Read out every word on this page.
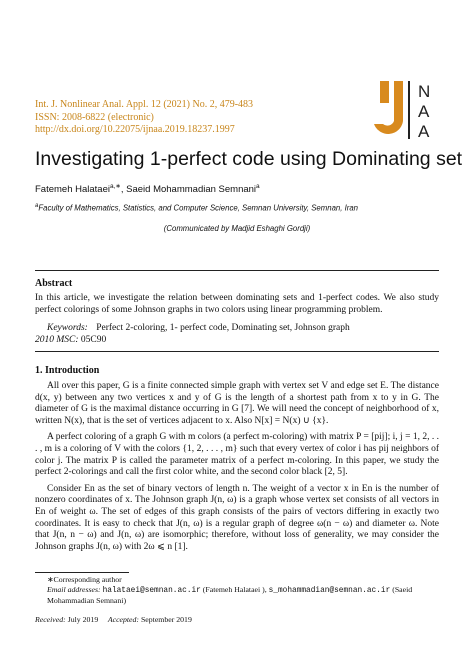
Int. J. Nonlinear Anal. Appl. 12 (2021) No. 2, 479-483
ISSN: 2008-6822 (electronic)
http://dx.doi.org/10.22075/ijnaa.2019.18237.1997
N
A
A
Investigating 1-perfect code using Dominating set
Fatemeh Halataei$^{a,∗}$, Saeid Mohammadian Semnani$^a$
$^a$Faculty of Mathematics, Statistics, and Computer Science, Semnan University, Semnan, Iran
(Communicated by Madjid Eshaghi Gordji)
Abstract
In this article, we investigate the relation between dominating sets and 1-perfect codes. We also study perfect colorings of some Johnson graphs in two colors using linear programming problem.
Keywords: Perfect 2-coloring, 1- perfect code, Dominating set, Johnson graph
2010 MSC: 05C90
1. Introduction

All over this paper, G is a finite connected simple graph with vertex set V and edge set E. The distance d(x, y) between any two vertices x and y of G is the length of a shortest path from x to y in G. The diameter of G is the maximal distance occurring in G [7]. We will need the concept of neighborhood of x, written N(x), that is the set of vertices adjacent to x. Also N[x] = N(x) ∪ {x}.

A perfect coloring of a graph G with m colors (a perfect m-coloring) with matrix P = [pij]; i, j = 1, 2, . . . , m is a coloring of V with the colors {1, 2, . . . , m} such that every vertex of color i has pij neighbors of color j. The matrix P is called the parameter matrix of a perfect m-coloring. In this paper, we study the perfect 2-colorings and call the first color white, and the second color black [2, 5].

Consider En as the set of binary vectors of length n. The weight of a vector x in En is the number of nonzero coordinates of x. The Johnson graph J(n, ω) is a graph whose vertex set consists of all vectors in En of weight ω. The set of edges of this graph consists of the pairs of vectors differing in exactly two coordinates. It is easy to check that J(n, ω) is a regular graph of degree ω(n − ω) and diameter ω. Note that J(n, n − ω) and J(n, ω) are isomorphic; therefore, without loss of generality, we may consider the Johnson graphs J(n, ω) with 2ω ⩽ n [1].

∗Corresponding author
Email addresses: halataei@semnan.ac.ir (Fatemeh Halataei ), s_mohammadian@semnan.ac.ir (Saeid Mohammadian Semnani)
Received: July 2019 Accepted: September 2019
